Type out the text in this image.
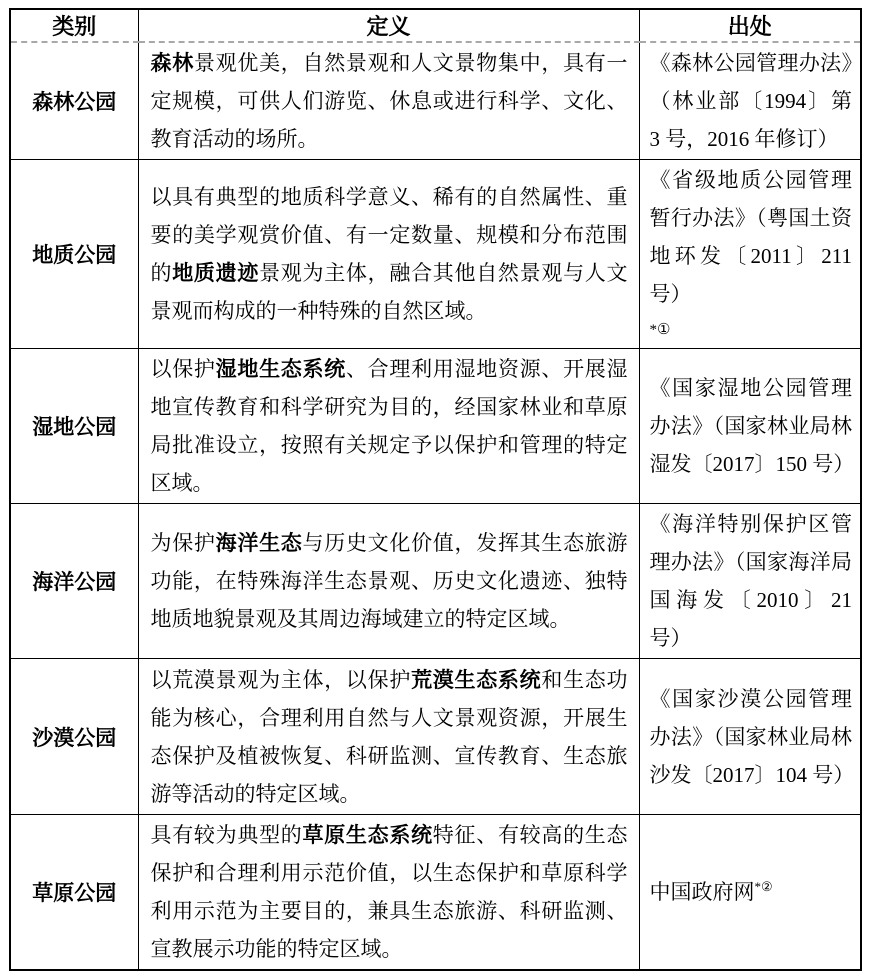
类别	定义	出处
森林公园	森林景观优美，自然景观和人文景物集中，具有一定规模，可供人们游览、休息或进行科学、文化、教育活动的场所。	《森林公园管理办法》（林业部〔1994〕第 3 号，2016 年修订）
地质公园	以具有典型的地质科学意义、稀有的自然属性、重要的美学观赏价值、有一定数量、规模和分布范围的地质遗迹景观为主体，融合其他自然景观与人文景观而构成的一种特殊的自然区域。	《省级地质公园管理暂行办法》（粤国土资地环发〔2011〕211 号）
*①

湿地公园	以保护湿地生态系统、合理利用湿地资源、开展湿地宣传教育和科学研究为目的，经国家林业和草原局批准设立，按照有关规定予以保护和管理的特定区域。	《国家湿地公园管理办法》（国家林业局林湿发〔2017〕150 号）
海洋公园	为保护海洋生态与历史文化价值，发挥其生态旅游功能，在特殊海洋生态景观、历史文化遗迹、独特地质地貌景观及其周边海域建立的特定区域。	《海洋特别保护区管理办法》（国家海洋局国海发〔2010〕21 号）
沙漠公园	以荒漠景观为主体，以保护荒漠生态系统和生态功能为核心，合理利用自然与人文景观资源，开展生态保护及植被恢复、科研监测、宣传教育、生态旅游等活动的特定区域。	《国家沙漠公园管理办法》（国家林业局林沙发〔2017〕104 号）
草原公园	具有较为典型的草原生态系统特征、有较高的生态保护和合理利用示范价值，以生态保护和草原科学利用示范为主要目的，兼具生态旅游、科研监测、宣教展示功能的特定区域。	中国政府网*②
